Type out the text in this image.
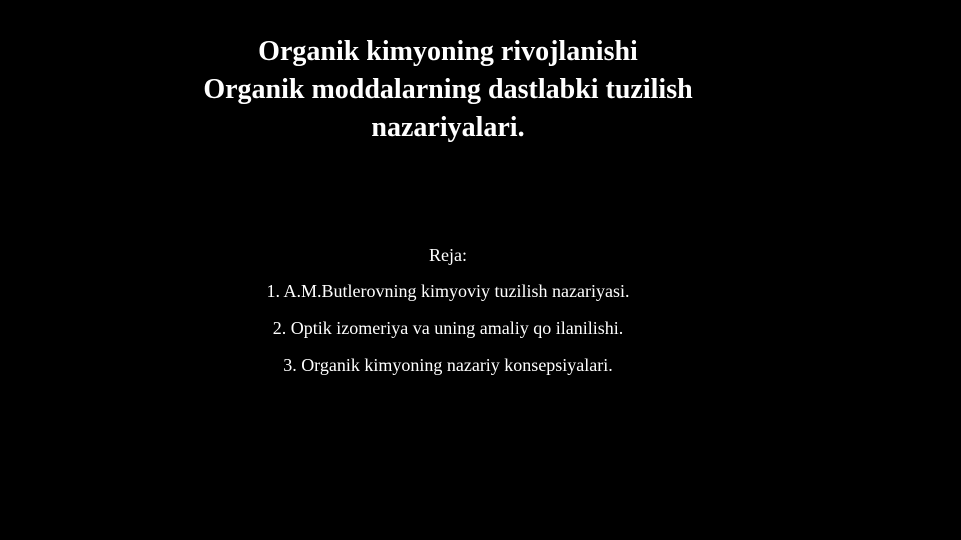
Organik kimyoning rivojlanishi
Organik moddalarning dastlabki tuzilish
nazariyalari.
Reja:
1. A.M.Butlerovning kimyoviy tuzilish nazariyasi.
2. Optik izomeriya va uning amaliy qo ilanilishi.
3. Organik kimyoning nazariy konsepsiyalari.
